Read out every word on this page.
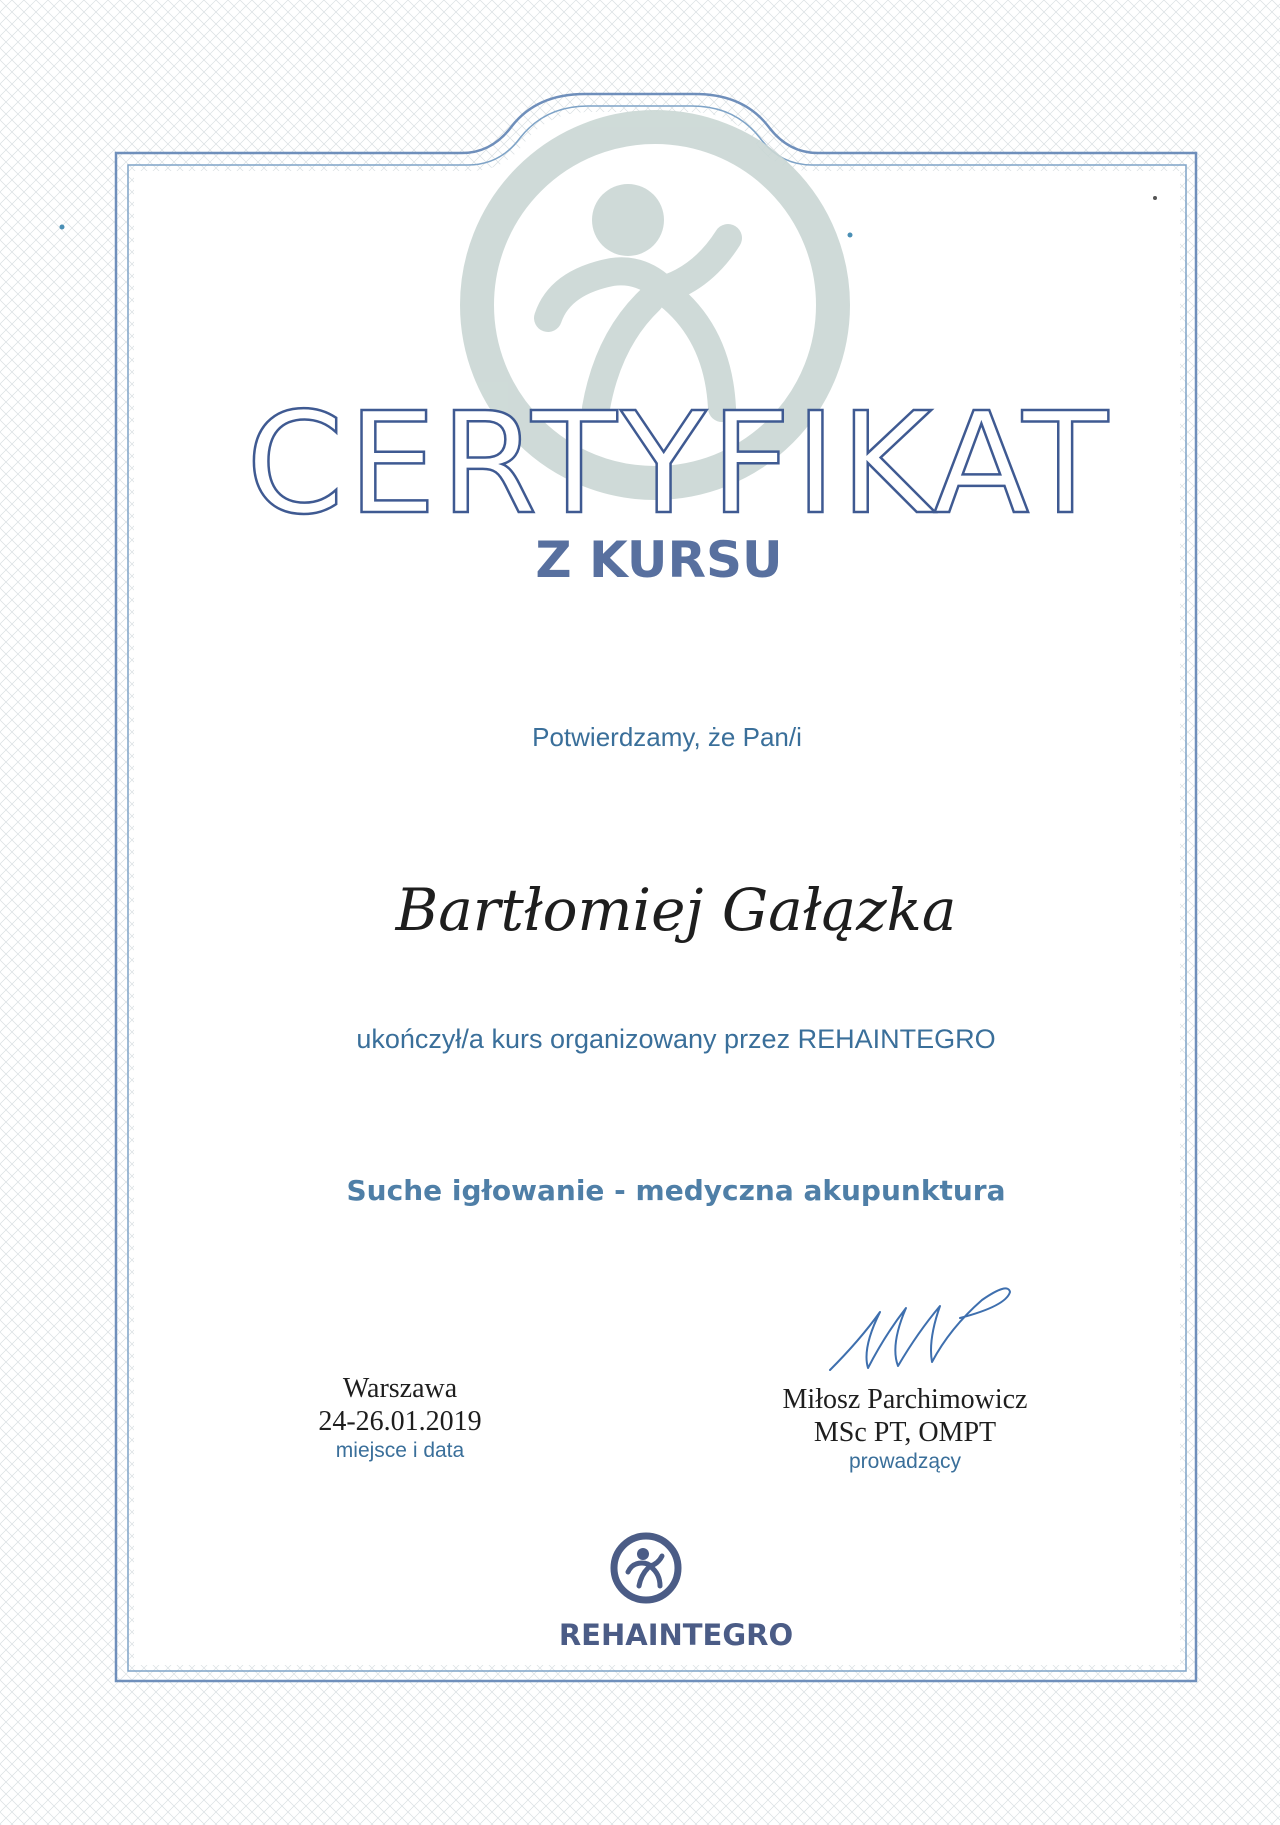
CERTYFIKAT
Z KURSU
Potwierdzamy, że Pan/i
Bartłomiej Gałązka
ukończył/a kurs organizowany przez REHAINTEGRO
Suche igłowanie - medyczna akupunktura
Warszawa
24-26.01.2019
miejsce i data
Miłosz Parchimowicz
MSc PT, OMPT
prowadzący
REHAINTEGRO
